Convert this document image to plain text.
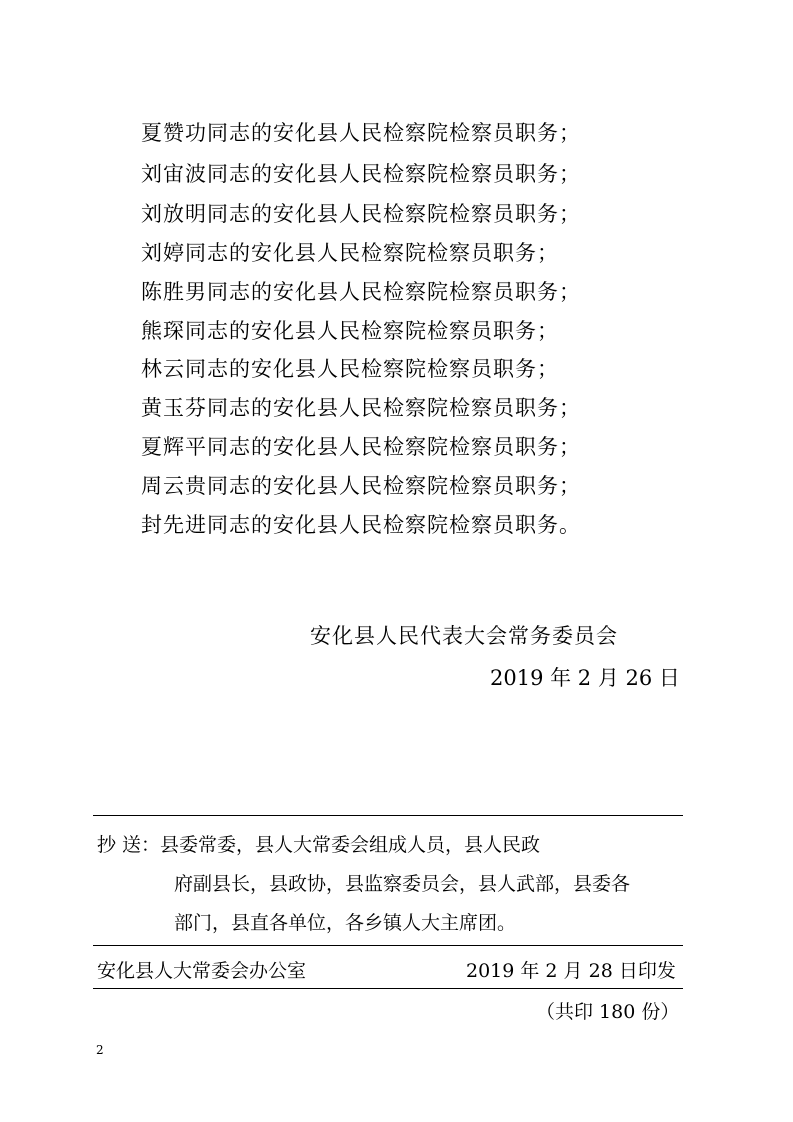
夏赞功同志的安化县人民检察院检察员职务；
刘宙波同志的安化县人民检察院检察员职务；
刘放明同志的安化县人民检察院检察员职务；
刘婷同志的安化县人民检察院检察员职务；
陈胜男同志的安化县人民检察院检察员职务；
熊琛同志的安化县人民检察院检察员职务；
林云同志的安化县人民检察院检察员职务；
黄玉芬同志的安化县人民检察院检察员职务；
夏辉平同志的安化县人民检察院检察员职务；
周云贵同志的安化县人民检察院检察员职务；
封先进同志的安化县人民检察院检察员职务。
安化县人民代表大会常务委员会
2019 年 2 月 26 日
抄 送：县委常委，县人大常委会组成人员，县人民政
府副县长，县政协，县监察委员会，县人武部，县委各
部门，县直各单位，各乡镇人大主席团。
安化县人大常委会办公室	2019 年 2 月 28 日印发
（共印 180 份）
2
